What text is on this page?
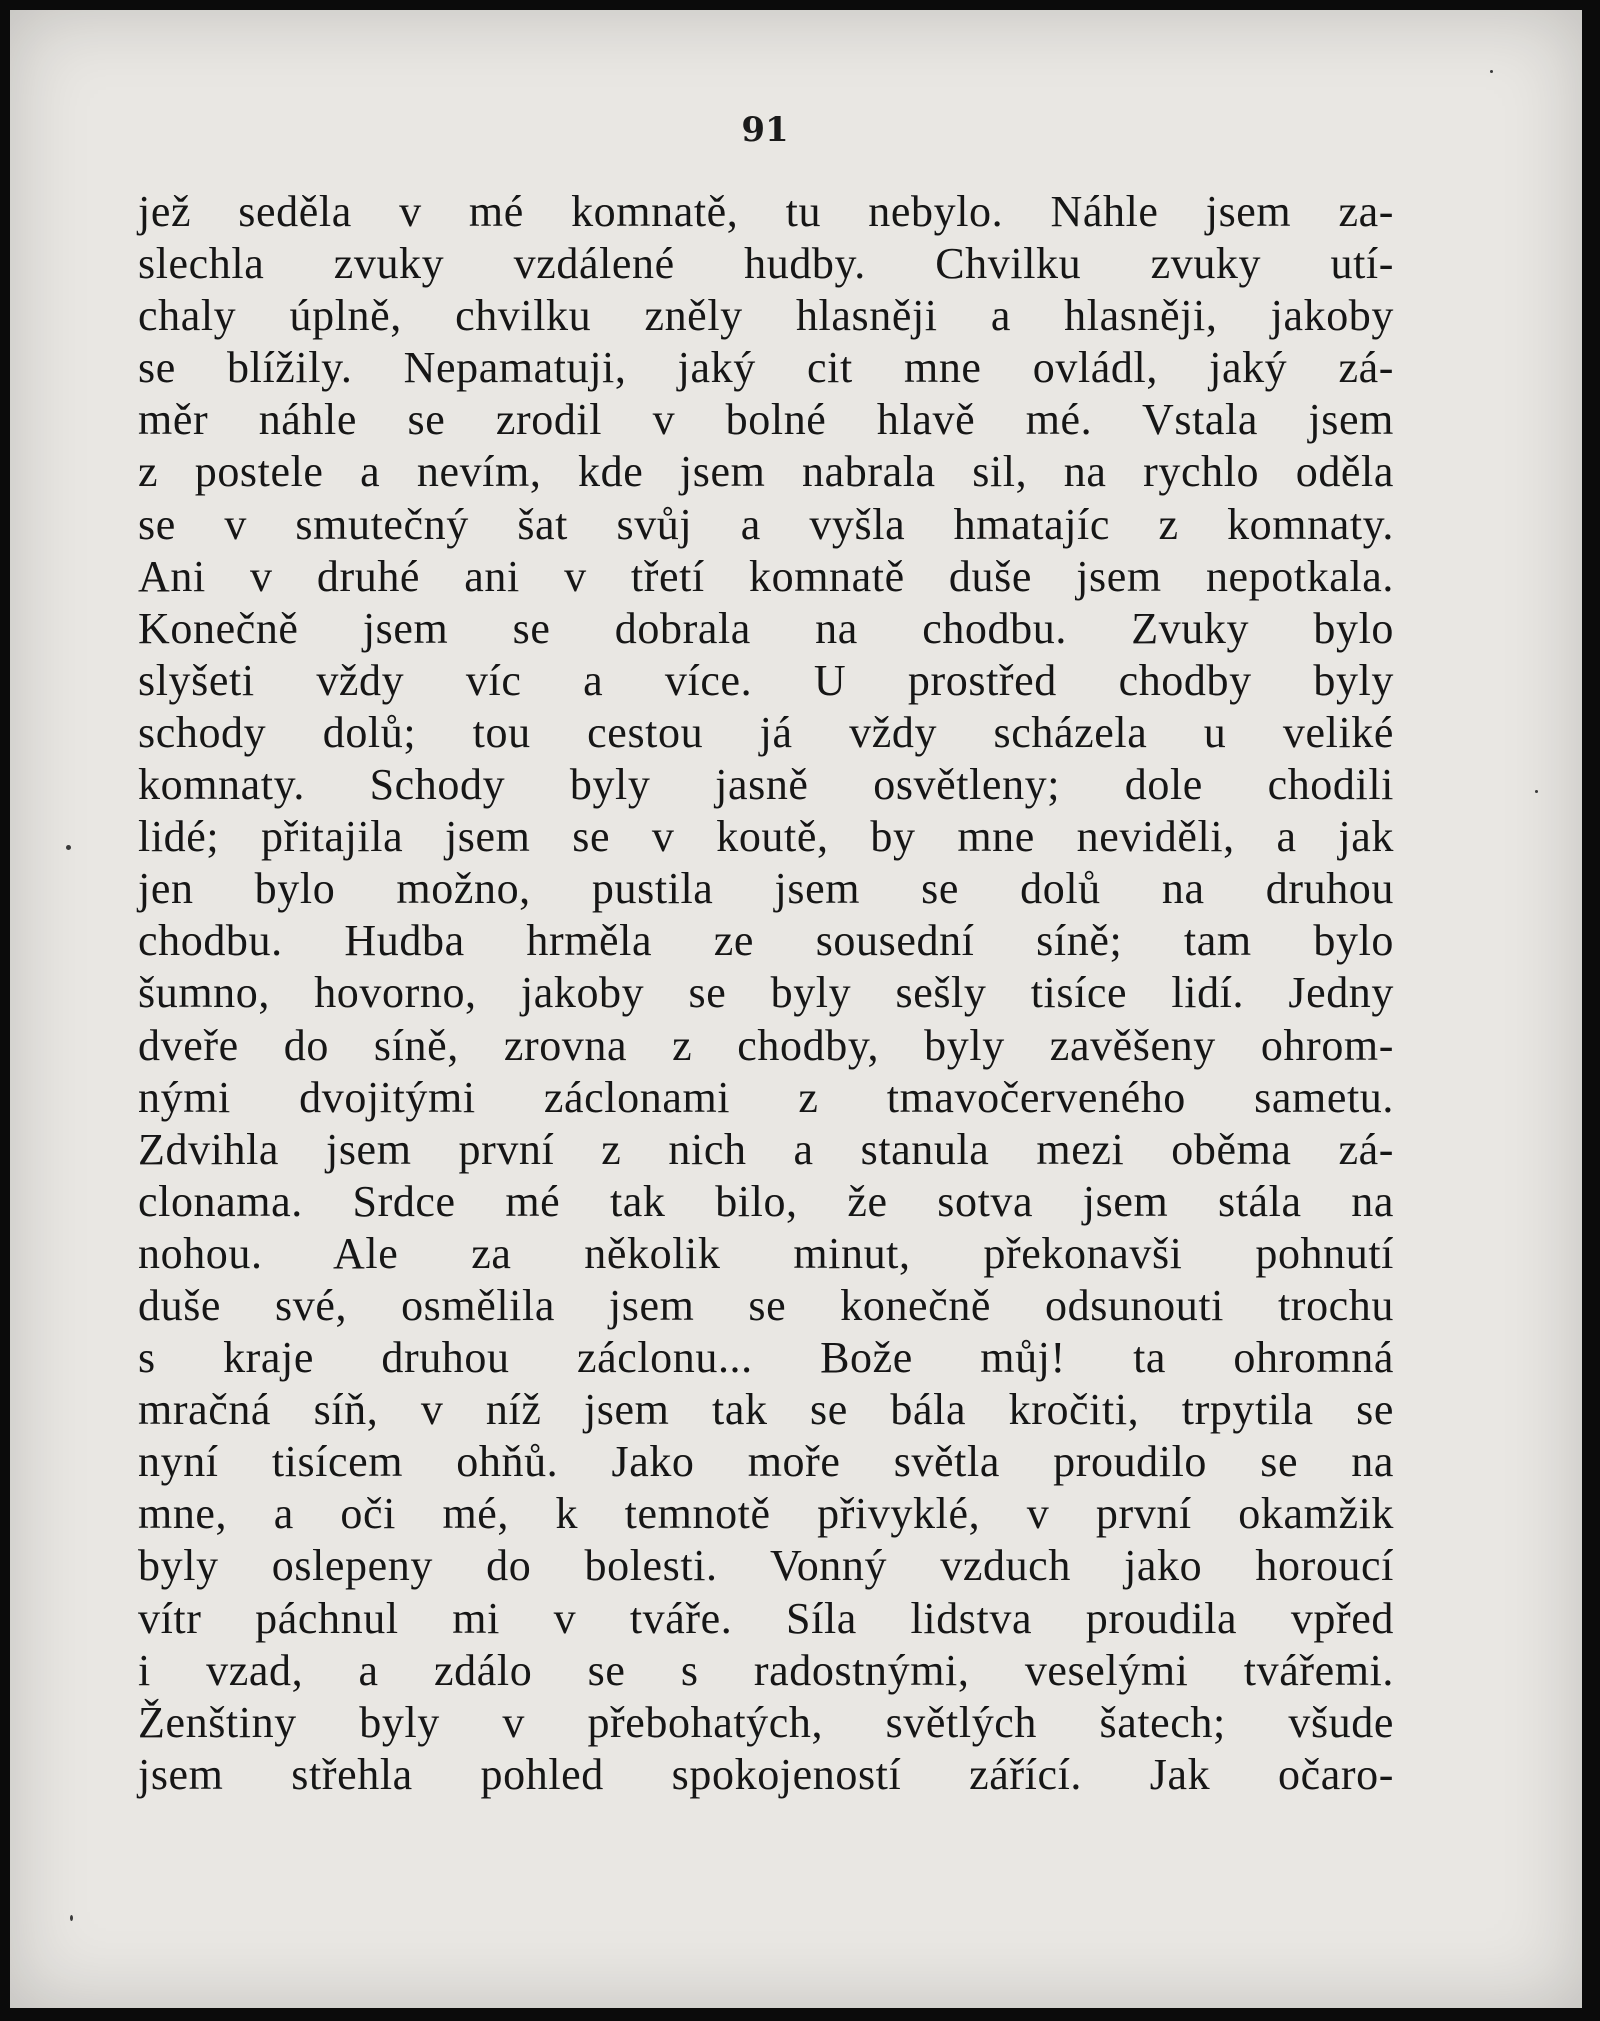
91
jež seděla v mé komnatě, tu nebylo. Náhle jsem za-
slechla zvuky vzdálené hudby. Chvilku zvuky utí-
chaly úplně, chvilku zněly hlasněji a hlasněji, jakoby
se blížily. Nepamatuji, jaký cit mne ovládl, jaký zá-
měr náhle se zrodil v bolné hlavě mé. Vstala jsem
z postele a nevím, kde jsem nabrala sil, na rychlo oděla
se v smutečný šat svůj a vyšla hmatajíc z komnaty.
Ani v druhé ani v třetí komnatě duše jsem nepotkala.
Konečně jsem se dobrala na chodbu. Zvuky bylo
slyšeti vždy víc a více. U prostřed chodby byly
schody dolů; tou cestou já vždy scházela u veliké
komnaty. Schody byly jasně osvětleny; dole chodili
lidé; přitajila jsem se v koutě, by mne neviděli, a jak
jen bylo možno, pustila jsem se dolů na druhou
chodbu. Hudba hrměla ze sousední síně; tam bylo
šumno, hovorno, jakoby se byly sešly tisíce lidí. Jedny
dveře do síně, zrovna z chodby, byly zavěšeny ohrom-
nými dvojitými záclonami z tmavočerveného sametu.
Zdvihla jsem první z nich a stanula mezi oběma zá-
clonama. Srdce mé tak bilo, že sotva jsem stála na
nohou. Ale za několik minut, překonavši pohnutí
duše své, osmělila jsem se konečně odsunouti trochu
s kraje druhou záclonu... Bože můj! ta ohromná
mračná síň, v níž jsem tak se bála kročiti, trpytila se
nyní tisícem ohňů. Jako moře světla proudilo se na
mne, a oči mé, k temnotě přivyklé, v první okamžik
byly oslepeny do bolesti. Vonný vzduch jako horoucí
vítr páchnul mi v tváře. Síla lidstva proudila vpřed
i vzad, a zdálo se s radostnými, veselými tvářemi.
Ženštiny byly v přebohatých, světlých šatech; všude
jsem střehla pohled spokojeností zářící. Jak očaro-
